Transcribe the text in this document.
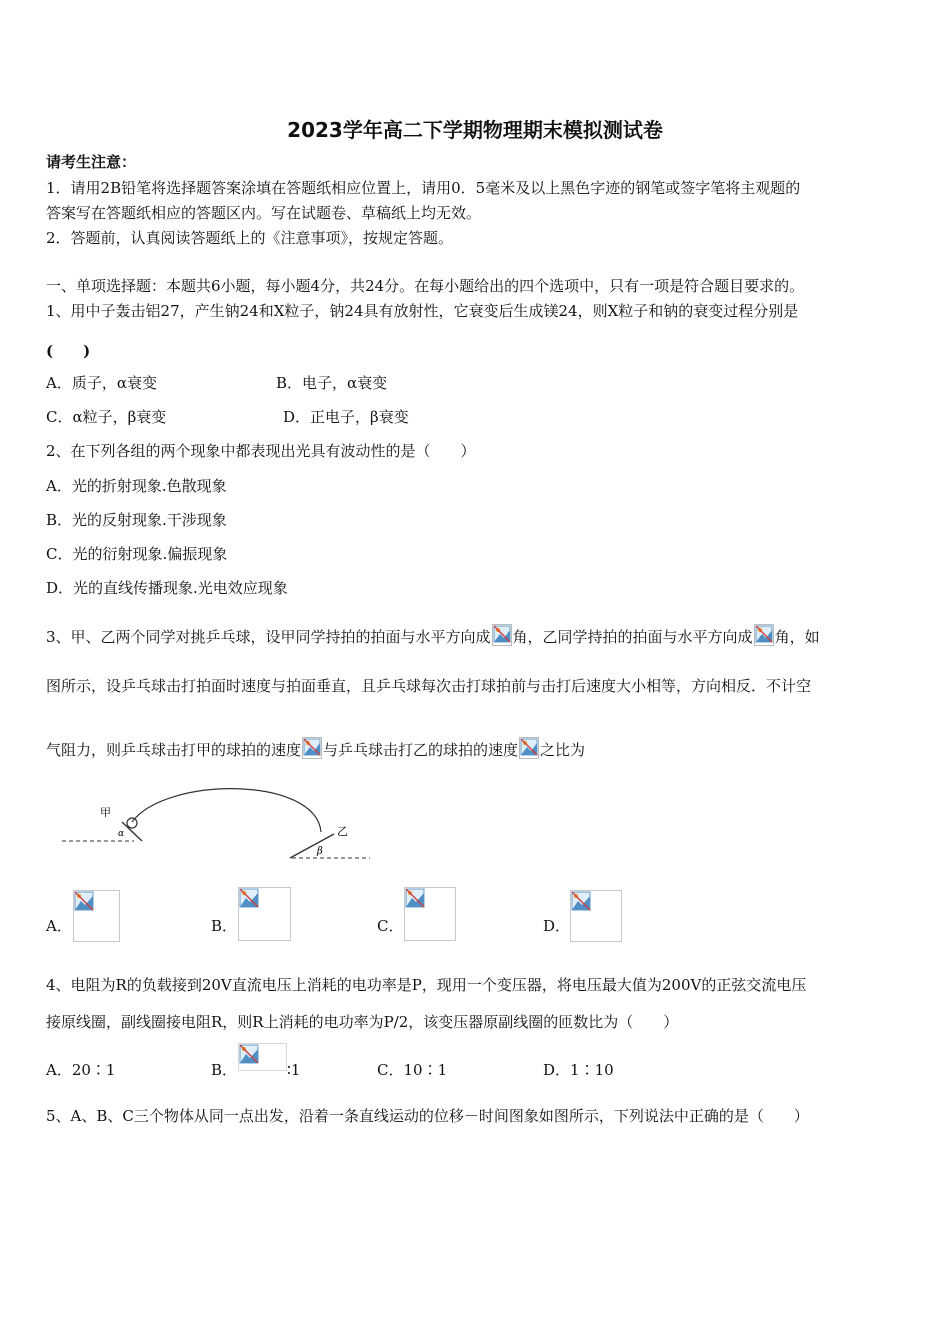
2023学年高二下学期物理期末模拟测试卷
请考生注意：
1．请用2B铅笔将选择题答案涂填在答题纸相应位置上，请用0．5毫米及以上黑色字迹的钢笔或签字笔将主观题的
答案写在答题纸相应的答题区内。写在试题卷、草稿纸上均无效。
2．答题前，认真阅读答题纸上的《注意事项》，按规定答题。
一、单项选择题：本题共6小题，每小题4分，共24分。在每小题给出的四个选项中，只有一项是符合题目要求的。
1、用中子轰击铝27，产生钠24和X粒子，钠24具有放射性，它衰变后生成镁24，则X粒子和钠的衰变过程分别是
(　　)
A．质子，α衰变	B．电子，α衰变
C．α粒子，β衰变	D．正电子，β衰变
2、在下列各组的两个现象中都表现出光具有波动性的是（　　）
A．光的折射现象.色散现象
B．光的反射现象.干涉现象
C．光的衍射现象.偏振现象
D．光的直线传播现象.光电效应现象
3、甲、乙两个同学对挑乒乓球，设甲同学持拍的拍面与水平方向成 角，乙同学持拍的拍面与水平方向成 角，如
图所示，设乒乓球击打拍面时速度与拍面垂直，且乒乓球每次击打球拍前与击打后速度大小相等，方向相反．不计空
气阻力，则乒乓球击打甲的球拍的速度 与乒乓球击打乙的球拍的速度 之比为
甲
乙
α
β
A．	B．	C．	D．
4、电阻为R的负载接到20V直流电压上消耗的电功率是P，现用一个变压器，将电压最大值为200V的正弦交流电压
接原线圈，副线圈接电阻R，则R上消耗的电功率为P/2，该变压器原副线圈的匝数比为（　　）
A．20∶1	B．	∶1	C．10∶1	D．1∶10
5、A、B、C三个物体从同一点出发，沿着一条直线运动的位移－时间图象如图所示，下列说法中正确的是（　　）
